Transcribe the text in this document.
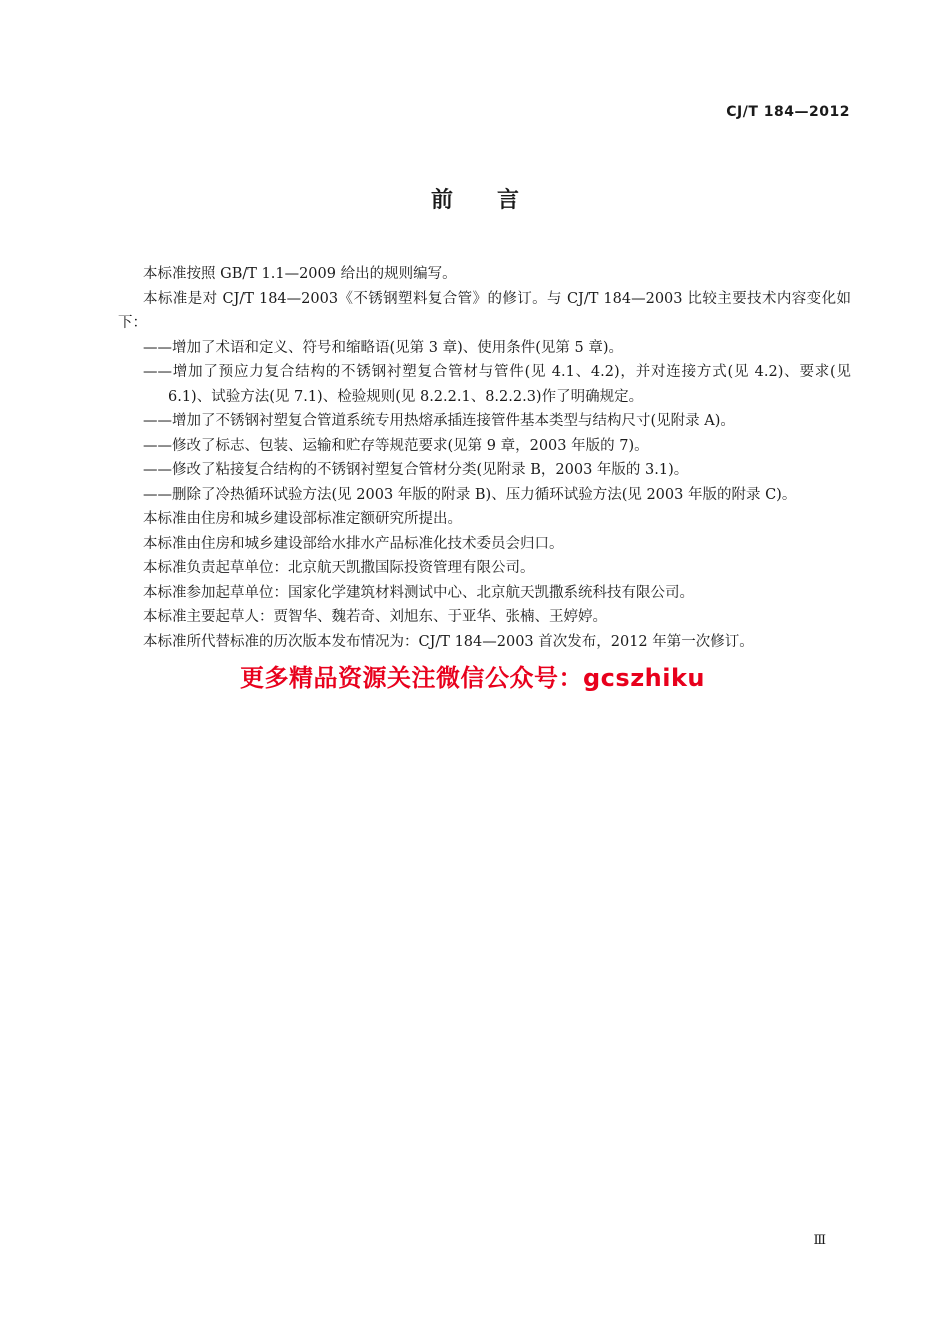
CJ/T 184—2012
前言

本标准按照 GB/T 1.1—2009 给出的规则编写。

本标准是对 CJ/T 184—2003《不锈钢塑料复合管》的修订。与 CJ/T 184—2003 比较主要技术内容变化如下：

——增加了术语和定义、符号和缩略语(见第 3 章)、使用条件(见第 5 章)。

——增加了预应力复合结构的不锈钢衬塑复合管材与管件(见 4.1、4.2)，并对连接方式(见 4.2)、要求(见 6.1)、试验方法(见 7.1)、检验规则(见 8.2.2.1、8.2.2.3)作了明确规定。

——增加了不锈钢衬塑复合管道系统专用热熔承插连接管件基本类型与结构尺寸(见附录 A)。

——修改了标志、包装、运输和贮存等规范要求(见第 9 章，2003 年版的 7)。

——修改了粘接复合结构的不锈钢衬塑复合管材分类(见附录 B，2003 年版的 3.1)。

——删除了冷热循环试验方法(见 2003 年版的附录 B)、压力循环试验方法(见 2003 年版的附录 C)。

本标准由住房和城乡建设部标准定额研究所提出。

本标准由住房和城乡建设部给水排水产品标准化技术委员会归口。

本标准负责起草单位：北京航天凯撒国际投资管理有限公司。

本标准参加起草单位：国家化学建筑材料测试中心、北京航天凯撒系统科技有限公司。

本标准主要起草人：贾智华、魏若奇、刘旭东、于亚华、张楠、王婷婷。

本标准所代替标准的历次版本发布情况为：CJ/T 184—2003 首次发布，2012 年第一次修订。

更多精品资源关注微信公众号：gcszhiku
Ⅲ
